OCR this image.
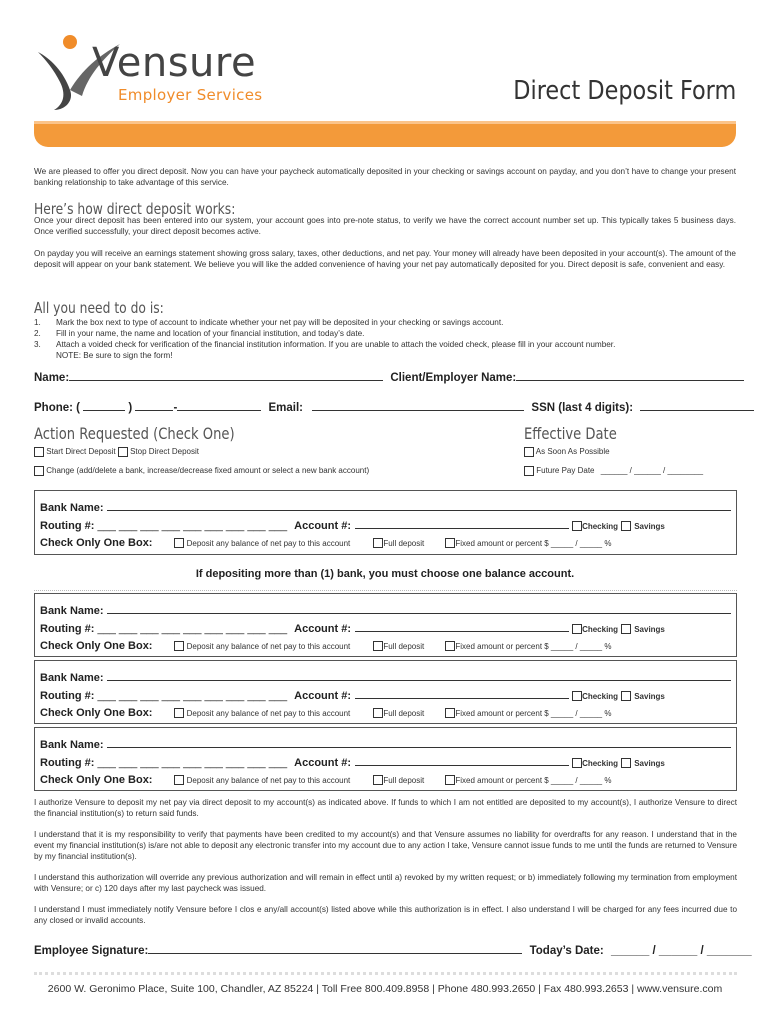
Vensure
Employer Services	Direct Deposit Form
We are pleased to offer you direct deposit. Now you can have your paycheck automatically deposited in your checking or savings account on payday, and you don’t have to change your present banking relationship to take advantage of this service.
Here’s how direct deposit works:
Once your direct deposit has been entered into our system, your account goes into pre-note status, to verify we have the correct account number set up. This typically takes 5 business days. Once verified successfully, your direct deposit becomes active.
On payday you will receive an earnings statement showing gross salary, taxes, other deductions, and net pay. Your money will already have been deposited in your account(s). The amount of the deposit will appear on your bank statement. We believe you will like the added convenience of having your net pay automatically deposited for you. Direct deposit is safe, convenient and easy.
All you need to do is:
1. Mark the box next to type of account to indicate whether your net pay will be deposited in your checking or savings account.
2. Fill in your name, the name and location of your financial institution, and today’s date.
3. Attach a voided check for verification of the financial institution information. If you are unable to attach the voided check, please fill in your account number.
NOTE: Be sure to sign the form!
Name:	Client/Employer Name:
Phone: (	)	-	Email:	SSN (last 4 digits):
Action Requested (Check One)	Effective Date
Start Direct Deposit Stop Direct Deposit
Change (add/delete a bank, increase/decrease fixed amount or select a new bank account)
As Soon As Possible
Future Pay Date ______ / ______ / ________
Bank Name:
Routing #: ___ ___ ___ ___ ___ ___ ___ ___ ___ Account #:	Checking Savings
Check Only One Box:	Deposit any balance of net pay to this account	Full deposit	Fixed amount or percent $ _____ / _____ %
If depositing more than (1) bank, you must choose one balance account.
Bank Name:
Routing #: ___ ___ ___ ___ ___ ___ ___ ___ ___ Account #:	Checking Savings
Check Only One Box:	Deposit any balance of net pay to this account	Full deposit	Fixed amount or percent $ _____ / _____ %
Bank Name:
Routing #: ___ ___ ___ ___ ___ ___ ___ ___ ___ Account #:	Checking Savings
Check Only One Box:	Deposit any balance of net pay to this account	Full deposit	Fixed amount or percent $ _____ / _____ %
Bank Name:
Routing #: ___ ___ ___ ___ ___ ___ ___ ___ ___ Account #:	Checking Savings
Check Only One Box:	Deposit any balance of net pay to this account	Full deposit	Fixed amount or percent $ _____ / _____ %
I authorize Vensure to deposit my net pay via direct deposit to my account(s) as indicated above. If funds to which I am not entitled are deposited to my account(s), I authorize Vensure to direct the financial institution(s) to return said funds.
I understand that it is my responsibility to verify that payments have been credited to my account(s) and that Vensure assumes no liability for overdrafts for any reason. I understand that in the event my financial institution(s) is/are not able to deposit any electronic transfer into my account due to any action I take, Vensure cannot issue funds to me until the funds are returned to Vensure by my financial institution(s).
I understand this authorization will override any previous authorization and will remain in effect until a) revoked by my written request; or b) immediately following my termination from employment with Vensure; or c) 120 days after my last paycheck was issued.
I understand I must immediately notify Vensure before I clos e any/all account(s) listed above while this authorization is in effect. I also understand I will be charged for any fees incurred due to any closed or invalid accounts.
Employee Signature:	Today’s Date: ______ / ______ / _______
2600 W. Geronimo Place, Suite 100, Chandler, AZ 85224 | Toll Free 800.409.8958 | Phone 480.993.2650 | Fax 480.993.2653 | www.vensure.com
